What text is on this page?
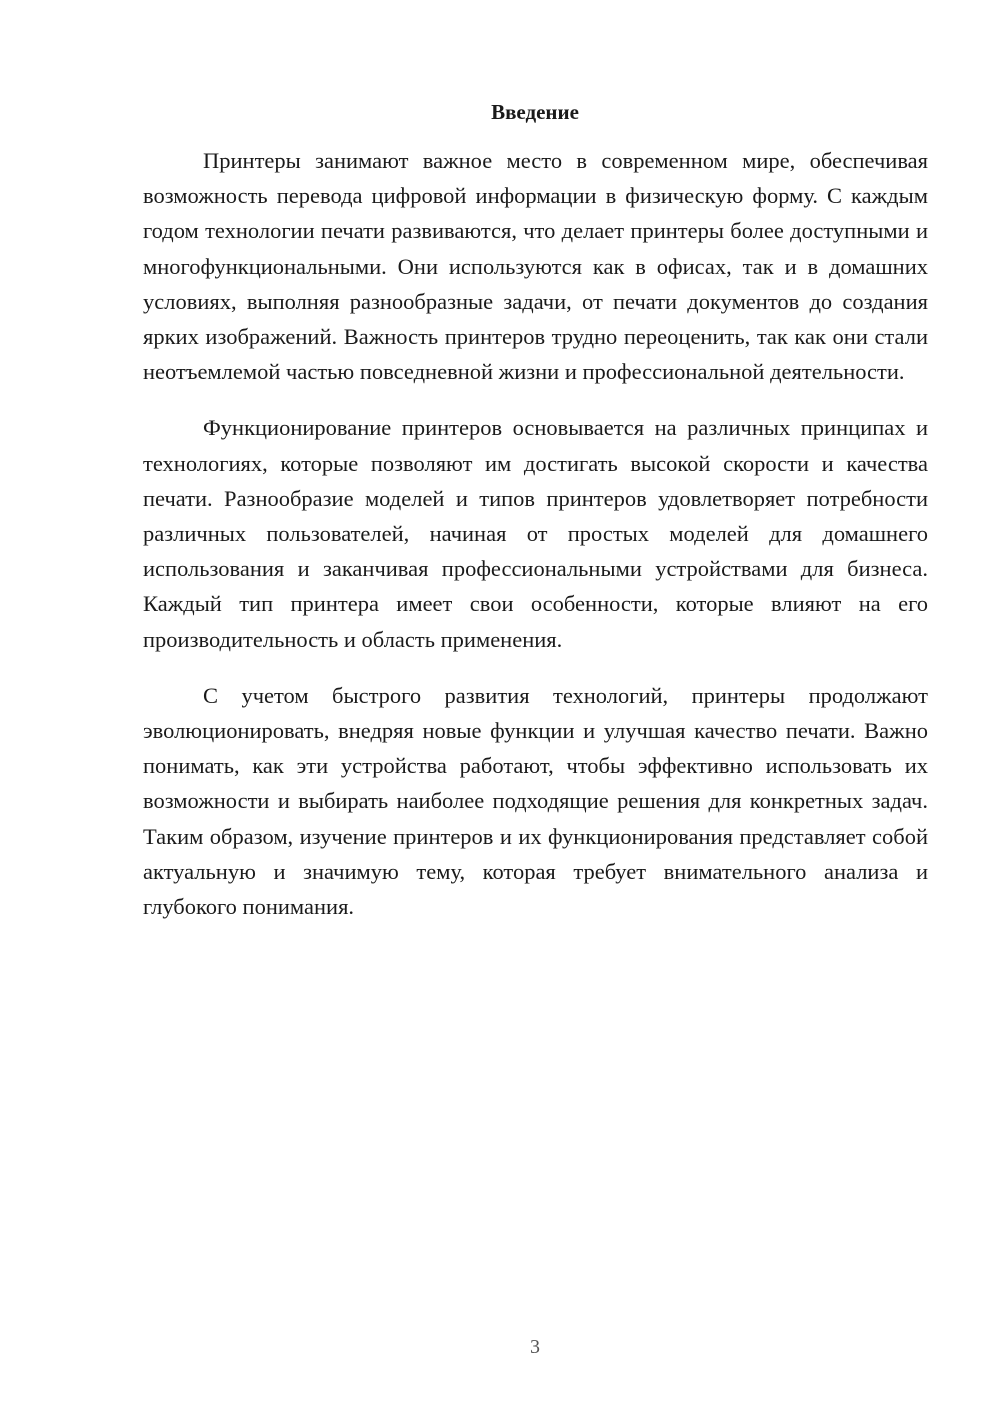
Введение

Принтеры занимают важное место в современном мире, обеспечивая возможность перевода цифровой информации в физическую форму. С каждым годом технологии печати развиваются, что делает принтеры более доступными и многофункциональными. Они используются как в офисах, так и в домашних условиях, выполняя разнообразные задачи, от печати документов до создания ярких изображений. Важность принтеров трудно переоценить, так как они стали неотъемлемой частью повседневной жизни и профессиональной деятельности.

Функционирование принтеров основывается на различных принципах и технологиях, которые позволяют им достигать высокой скорости и качества печати. Разнообразие моделей и типов принтеров удовлетворяет потребности различных пользователей, начиная от простых моделей для домашнего использования и заканчивая профессиональными устройствами для бизнеса. Каждый тип принтера имеет свои особенности, которые влияют на его производительность и область применения.

С учетом быстрого развития технологий, принтеры продолжают эволюционировать, внедряя новые функции и улучшая качество печати. Важно понимать, как эти устройства работают, чтобы эффективно использовать их возможности и выбирать наиболее подходящие решения для конкретных задач. Таким образом, изучение принтеров и их функционирования представляет собой актуальную и значимую тему, которая требует внимательного анализа и глубокого понимания.

3
